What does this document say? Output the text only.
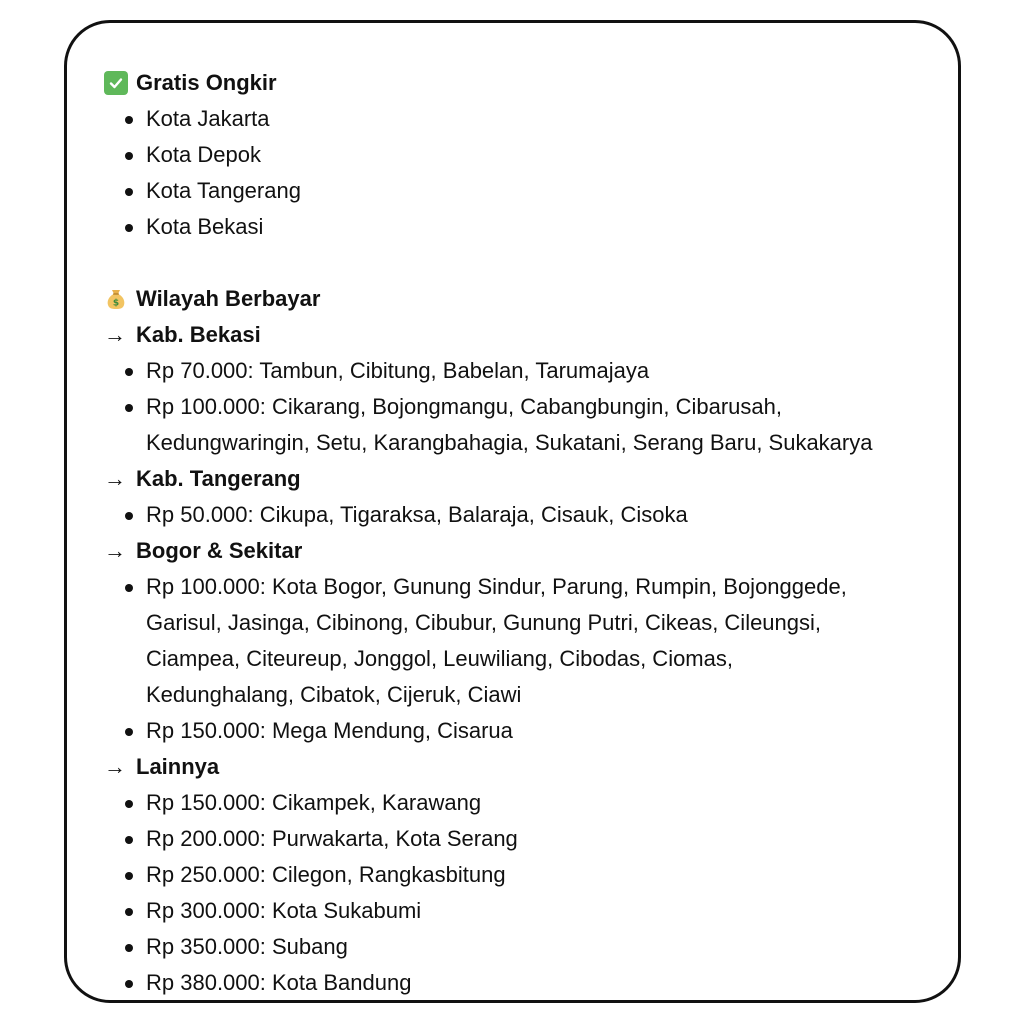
Gratis Ongkir
Kota Jakarta
Kota Depok
Kota Tangerang
Kota Bekasi
$ Wilayah Berbayar
→ Kab. Bekasi
Rp 70.000: Tambun, Cibitung, Babelan, Tarumajaya
Rp 100.000: Cikarang, Bojongmangu, Cabangbungin, Cibarusah,
Kedungwaringin, Setu, Karangbahagia, Sukatani, Serang Baru, Sukakarya
→ Kab. Tangerang
Rp 50.000: Cikupa, Tigaraksa, Balaraja, Cisauk, Cisoka
→ Bogor & Sekitar
Rp 100.000: Kota Bogor, Gunung Sindur, Parung, Rumpin, Bojonggede,
Garisul, Jasinga, Cibinong, Cibubur, Gunung Putri, Cikeas, Cileungsi,
Ciampea, Citeureup, Jonggol, Leuwiliang, Cibodas, Ciomas,
Kedunghalang, Cibatok, Cijeruk, Ciawi
Rp 150.000: Mega Mendung, Cisarua
→ Lainnya
Rp 150.000: Cikampek, Karawang
Rp 200.000: Purwakarta, Kota Serang
Rp 250.000: Cilegon, Rangkasbitung
Rp 300.000: Kota Sukabumi
Rp 350.000: Subang
Rp 380.000: Kota Bandung
